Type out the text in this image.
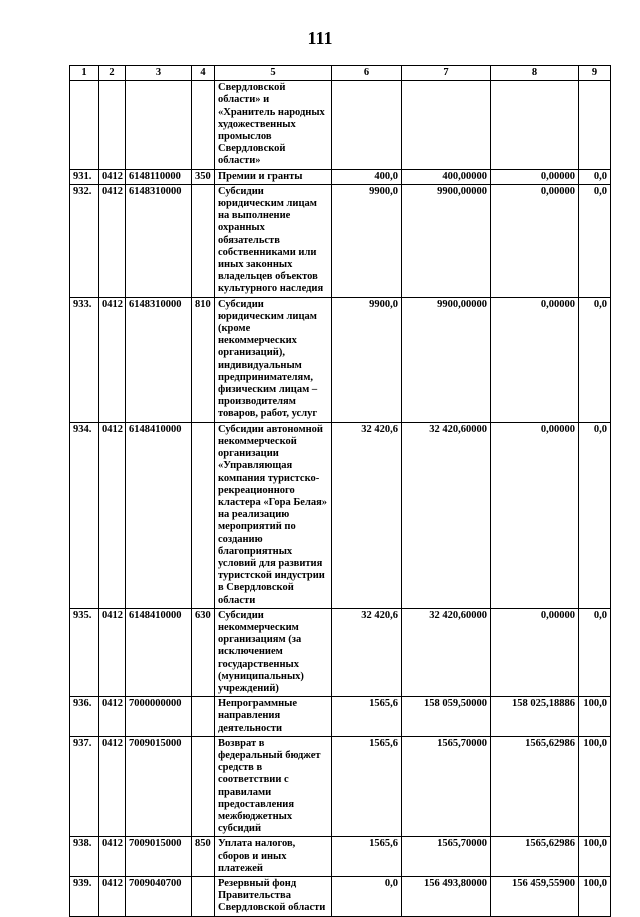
111
1	2	3	4	5	6	7	8	9
				Свердловской области» и «Хранитель народных художественных промыслов Свердловской области»				
931.	0412	6148110000	350	Премии и гранты	400,0	400,00000	0,00000	0,0
932.	0412	6148310000		Субсидии юридическим лицам на выполнение охранных обязательств собственниками или иных законных владельцев объектов культурного наследия	9900,0	9900,00000	0,00000	0,0
933.	0412	6148310000	810	Субсидии юридическим лицам (кроме некоммерческих организаций), индивидуальным предпринимателям, физическим лицам – производителям товаров, работ, услуг	9900,0	9900,00000	0,00000	0,0
934.	0412	6148410000		Субсидии автономной некоммерческой организации «Управляющая компания туристско-рекреационного кластера «Гора Белая» на реализацию мероприятий по созданию благоприятных условий для развития туристской индустрии в Свердловской области	32 420,6	32 420,60000	0,00000	0,0
935.	0412	6148410000	630	Субсидии некоммерческим организациям (за исключением государственных (муниципальных) учреждений)	32 420,6	32 420,60000	0,00000	0,0
936.	0412	7000000000		Непрограммные направления деятельности	1565,6	158 059,50000	158 025,18886	100,0
937.	0412	7009015000		Возврат в федеральный бюджет средств в соответствии с правилами предоставления межбюджетных субсидий	1565,6	1565,70000	1565,62986	100,0
938.	0412	7009015000	850	Уплата налогов, сборов и иных платежей	1565,6	1565,70000	1565,62986	100,0
939.	0412	7009040700		Резервный фонд Правительства Свердловской области	0,0	156 493,80000	156 459,55900	100,0
